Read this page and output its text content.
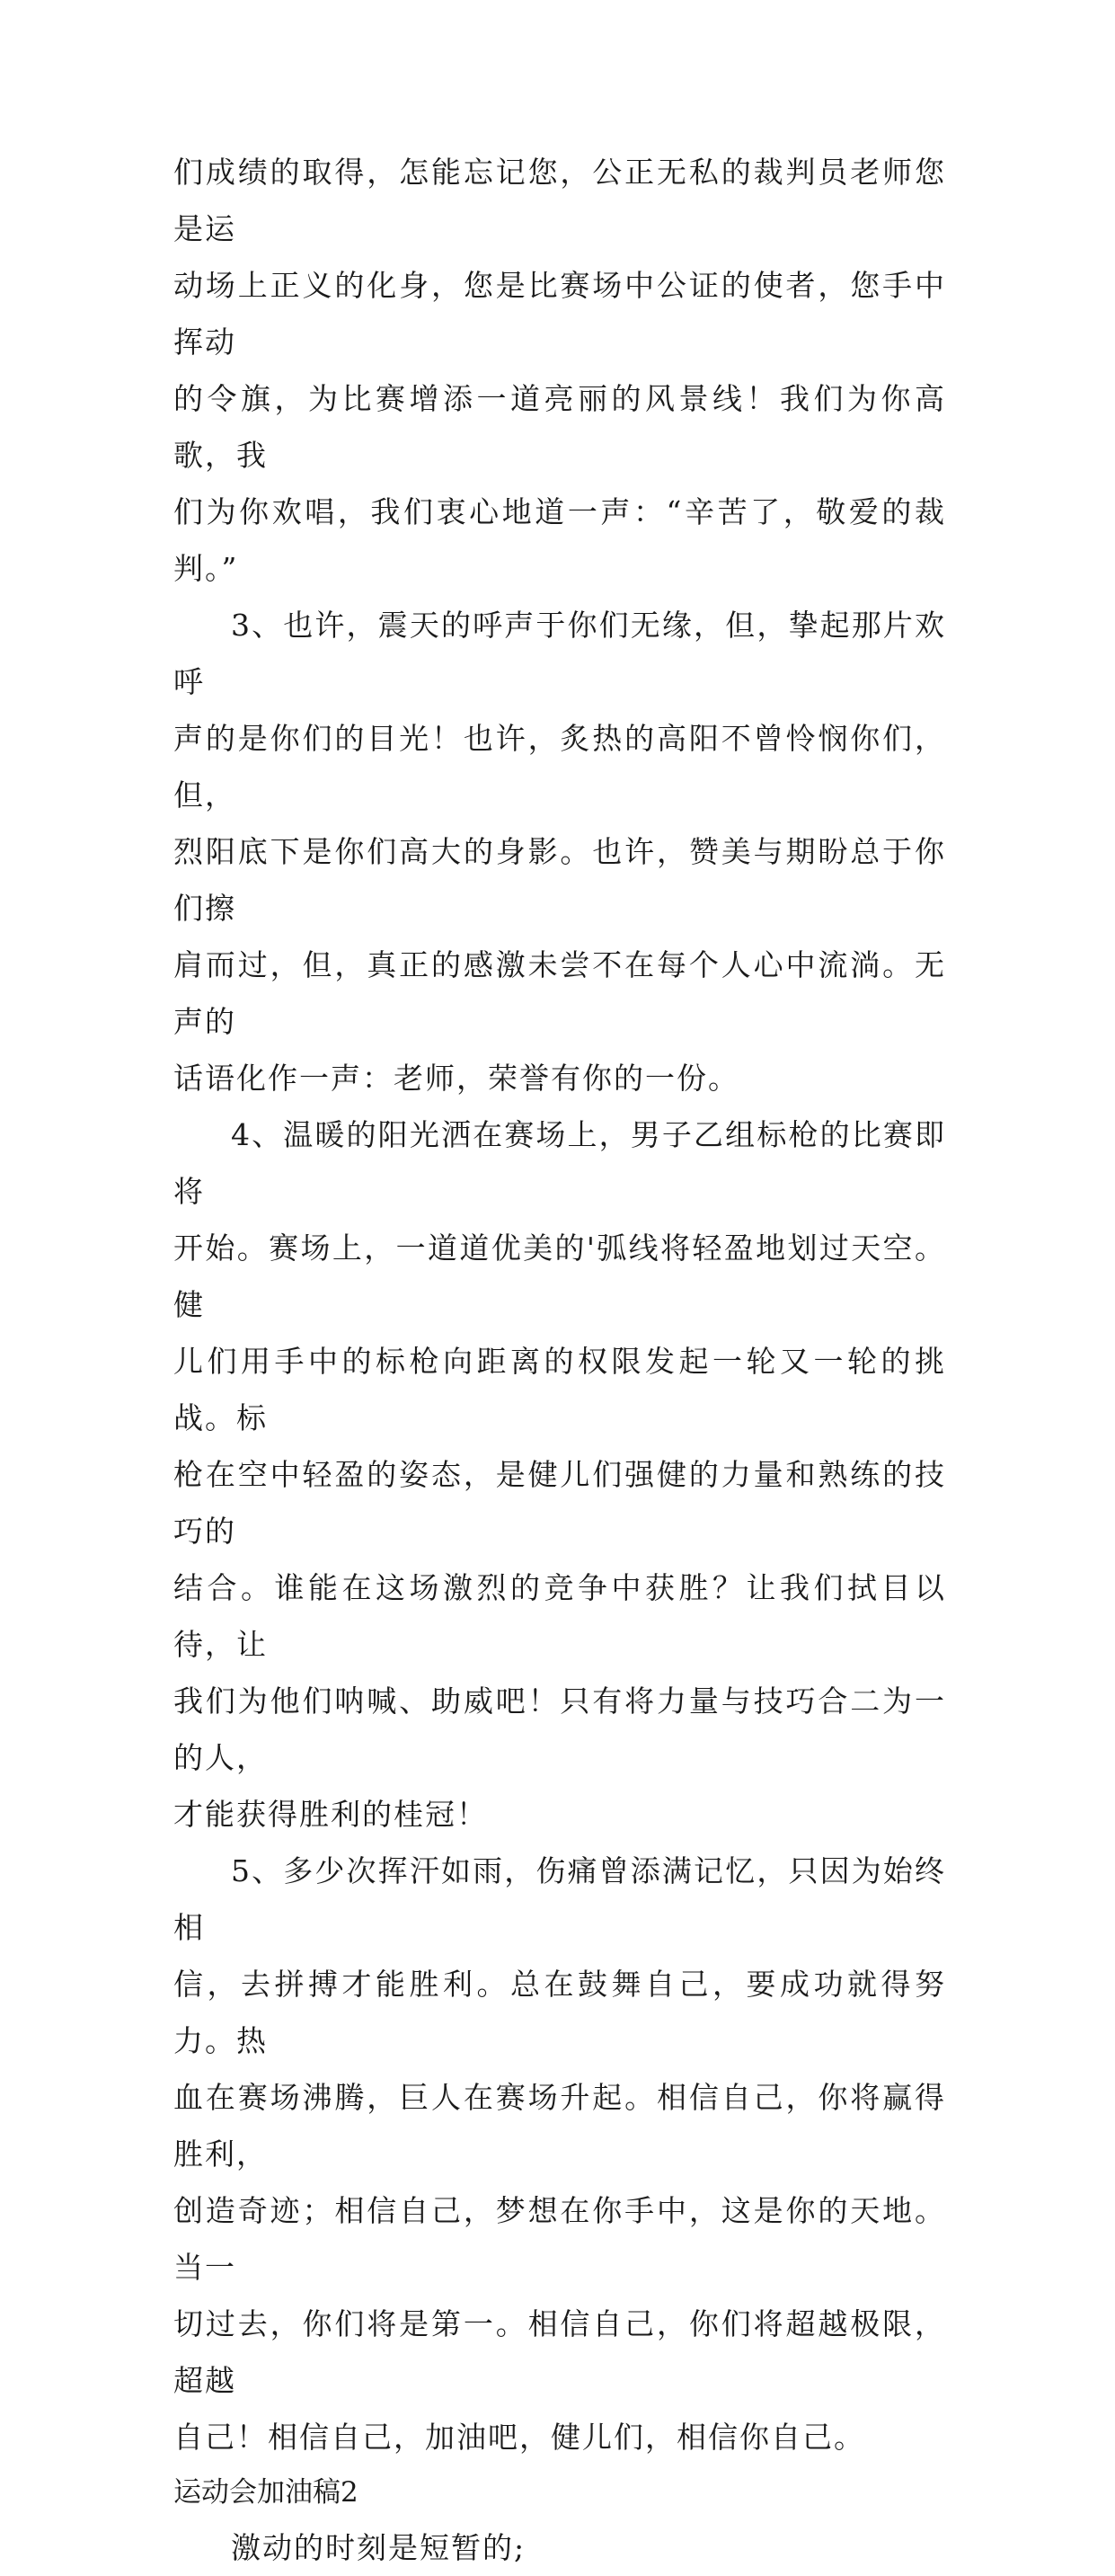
们成绩的取得，怎能忘记您，公正无私的裁判员老师您是运
动场上正义的化身，您是比赛场中公证的使者，您手中挥动
的令旗，为比赛增添一道亮丽的风景线！我们为你高歌，我
们为你欢唱，我们衷心地道一声：“辛苦了，敬爱的裁判。”

3、也许，震天的呼声于你们无缘，但，挚起那片欢呼
声的是你们的目光！也许，炙热的高阳不曾怜悯你们，但，
烈阳底下是你们高大的身影。也许，赞美与期盼总于你们擦
肩而过，但，真正的感激未尝不在每个人心中流淌。无声的
话语化作一声：老师，荣誉有你的一份。

4、温暖的阳光洒在赛场上，男子乙组标枪的比赛即将
开始。赛场上，一道道优美的'弧线将轻盈地划过天空。健
儿们用手中的标枪向距离的权限发起一轮又一轮的挑战。标
枪在空中轻盈的姿态，是健儿们强健的力量和熟练的技巧的
结合。谁能在这场激烈的竞争中获胜？让我们拭目以待，让
我们为他们呐喊、助威吧！只有将力量与技巧合二为一的人，
才能获得胜利的桂冠！

5、多少次挥汗如雨，伤痛曾添满记忆，只因为始终相
信，去拼搏才能胜利。总在鼓舞自己，要成功就得努力。热
血在赛场沸腾，巨人在赛场升起。相信自己，你将赢得胜利，
创造奇迹；相信自己，梦想在你手中，这是你的天地。当一
切过去，你们将是第一。相信自己，你们将超越极限，超越
自己！相信自己，加油吧，健儿们，相信你自己。

运动会加油稿2

激动的时刻是短暂的;
